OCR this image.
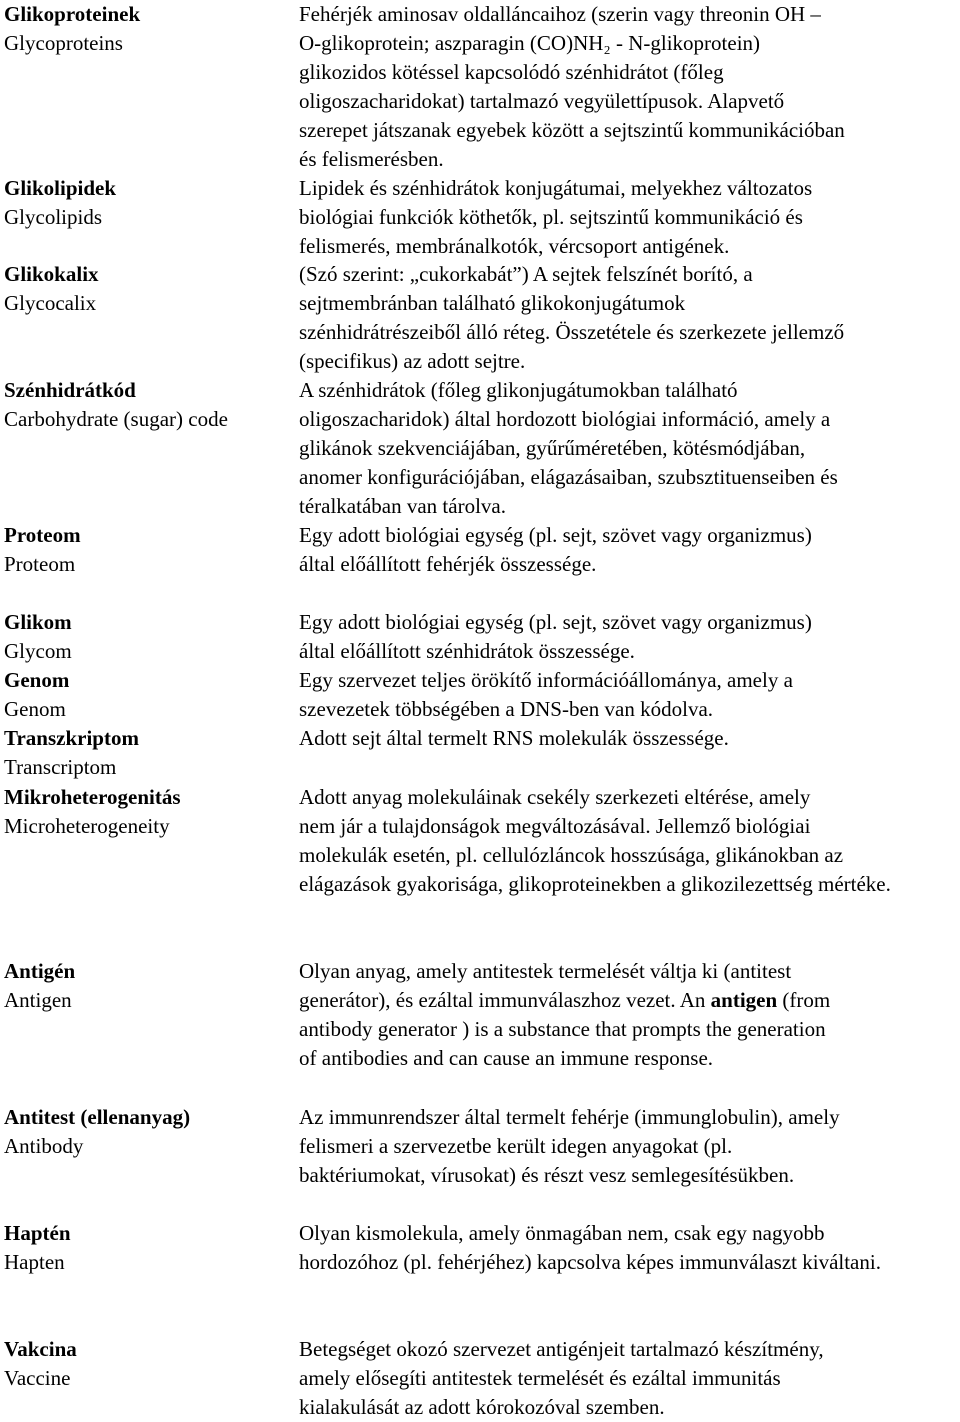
Glikoproteinek
Glycoproteins
Fehérjék aminosav oldalláncaihoz (szerin vagy threonin OH – O-glikoprotein; aszparagin (CO)NH₂ - N-glikoprotein) glikozidos kötéssel kapcsolódó szénhidrátot (főleg oligoszacharidokat) tartalmazó vegyülettípusok. Alapvető szerepet játszanak egyebek között a sejtszintű kommunikációban és felismerésben.
Glikolipidek
Glycolipids
Lipidek és szénhidrátok konjugátumai, melyekhez változatos biológiai funkciók köthetők, pl. sejtszintű kommunikáció és felismerés, membránalkotók, vércsoport antigének.
Glikokalix
Glycocalix
(Szó szerint: „cukorkabát”) A sejtek felszínét borító, a sejtmembránban található glikokonjugátumok szénhidrátrészeiből álló réteg. Összetétele és szerkezete jellemző (specifikus) az adott sejtre.
Szénhidrátkód
Carbohydrate (sugar) code
A szénhidrátok (főleg glikonjugátumokban található oligoszacharidok) által hordozott biológiai információ, amely a glikánok szekvenciájában, gyűrűméretében, kötésmódjában, anomer konfigurációjában, elágazásaiban, szubsztituenseiben és téralkatában van tárolva.
Proteom
Proteom
Egy adott biológiai egység (pl. sejt, szövet vagy organizmus) által előállított fehérjék összessége.
Glikom
Glycom
Egy adott biológiai egység (pl. sejt, szövet vagy organizmus) által előállított szénhidrátok összessége.
Genom
Genom
Egy szervezet teljes örökítő információállománya, amely a szevezetek többségében a DNS-ben van kódolva.
Transzkriptom
Transcriptom
Adott sejt által termelt RNS molekulák összessége.
Mikroheterogenitás
Microheterogeneity
Adott anyag molekuláinak csekély szerkezeti eltérése, amely nem jár a tulajdonságok megváltozásával. Jellemző biológiai molekulák esetén, pl. cellulózláncok hosszúsága, glikánokban az elágazások gyakorisága, glikoproteinekben a glikozilezettség mértéke.
Antigén
Antigen
Olyan anyag, amely antitestek termelését váltja ki (antitest generátor), és ezáltal immunválaszhoz vezet. An antigen (from antibody generator ) is a substance that prompts the generation of antibodies and can cause an immune response.
Antitest (ellenanyag)
Antibody
Az immunrendszer által termelt fehérje (immunglobulin), amely felismeri a szervezetbe került idegen anyagokat (pl. baktériumokat, vírusokat) és részt vesz semlegesítésükben.
Haptén
Hapten
Olyan kismolekula, amely önmagában nem, csak egy nagyobb hordozóhoz (pl. fehérjéhez) kapcsolva képes immunválaszt kiváltani.
Vakcina
Vaccine
Betegséget okozó szervezet antigénjeit tartalmazó készítmény, amely elősegíti antitestek termelését és ezáltal immunitás kialakulását az adott kórokozóval szemben.
